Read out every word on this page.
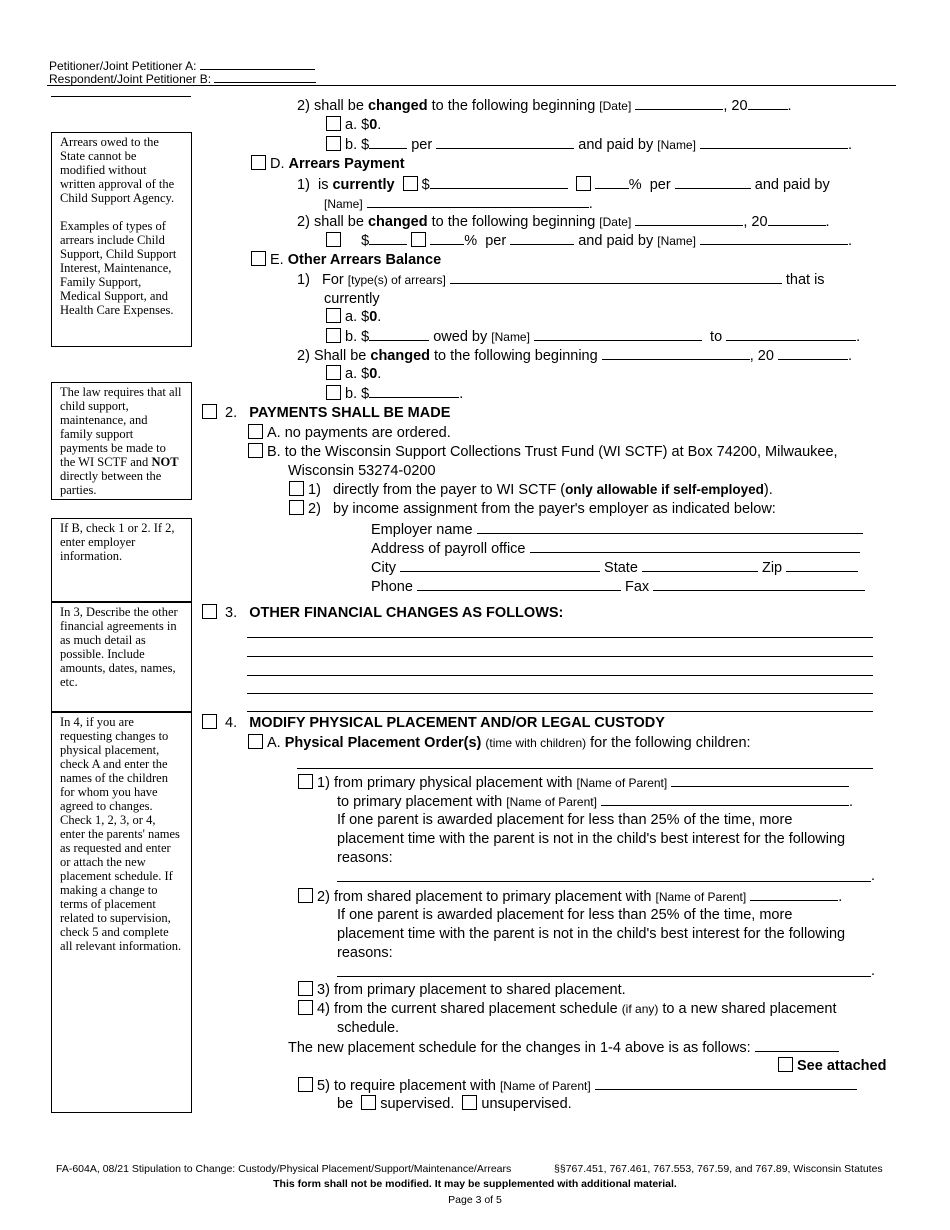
Petitioner/Joint Petitioner A:
Respondent/Joint Petitioner B:
Arrears owed to the State cannot be modified without written approval of the Child Support Agency.
Examples of types of arrears include Child Support, Child Support Interest, Maintenance, Family Support, Medical Support, and Health Care Expenses.
The law requires that all child support, maintenance, and family support payments be made to the WI SCTF and NOT directly between the parties.
If B, check 1 or 2. If 2, enter employer information.
In 3, Describe the other financial agreements in as much detail as possible. Include amounts, dates, names, etc.
In 4, if you are requesting changes to physical placement, check A and enter the names of the children for whom you have agreed to changes. Check 1, 2, 3, or 4, enter the parents' names as requested and enter or attach the new placement schedule. If making a change to terms of placement related to supervision, check 5 and complete all relevant information.
2) shall be changed to the following beginning [Date]	, 20	.
a. $0.
b. $	per	and paid by [Name]	.
D. Arrears Payment
1) is currently $	% per	and paid by
[Name]	.
2) shall be changed to the following beginning [Date]	, 20	.
$	% per	and paid by [Name]	.
E. Other Arrears Balance
1) For [type(s) of arrears]	that is
currently
a. $0.
b. $	owed by [Name]	to	.
2) Shall be changed to the following beginning	, 20	.
a. $0.
b. $	.
2. PAYMENTS SHALL BE MADE
A. no payments are ordered.
B. to the Wisconsin Support Collections Trust Fund (WI SCTF) at Box 74200, Milwaukee,
Wisconsin 53274-0200
1) directly from the payer to WI SCTF (only allowable if self-employed).
2) by income assignment from the payer's employer as indicated below:
Employer name
Address of payroll office
City	State	Zip
Phone	Fax
3. OTHER FINANCIAL CHANGES AS FOLLOWS:
4. MODIFY PHYSICAL PLACEMENT AND/OR LEGAL CUSTODY
A. Physical Placement Order(s) (time with children) for the following children:
1) from primary physical placement with [Name of Parent]
to primary placement with [Name of Parent]	.
If one parent is awarded placement for less than 25% of the time, more
placement time with the parent is not in the child's best interest for the following
reasons:
.
2) from shared placement to primary placement with [Name of Parent]	.
If one parent is awarded placement for less than 25% of the time, more
placement time with the parent is not in the child's best interest for the following
reasons:
.
3) from primary placement to shared placement.
4) from the current shared placement schedule (if any) to a new shared placement
schedule.
The new placement schedule for the changes in 1-4 above is as follows:
See attached
5) to require placement with [Name of Parent]
be supervised. unsupervised.
FA-604A, 08/21 Stipulation to Change: Custody/Physical Placement/Support/Maintenance/Arrears	§§767.451, 767.461, 767.553, 767.59, and 767.89, Wisconsin Statutes
This form shall not be modified. It may be supplemented with additional material.
Page 3 of 5
